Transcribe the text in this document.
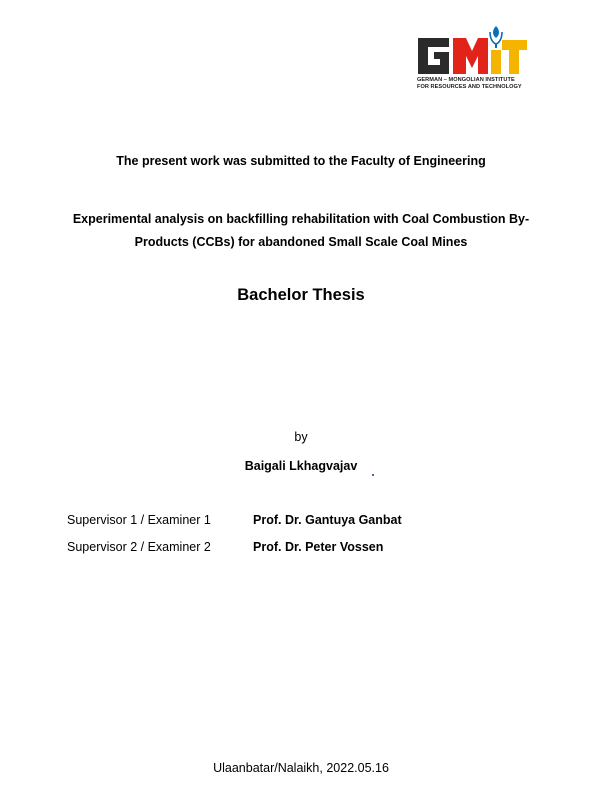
GERMAN – MONGOLIAN INSTITUTE
FOR RESOURCES AND TECHNOLOGY
The present work was submitted to the Faculty of Engineering
Experimental analysis on backfilling rehabilitation with Coal Combustion By-Products (CCBs) for abandoned Small Scale Coal Mines
Bachelor Thesis
by
Baigali Lkhagvajav
Supervisor 1 / Examiner 1	Prof. Dr. Gantuya Ganbat
Supervisor 2 / Examiner 2	Prof. Dr. Peter Vossen
Ulaanbatar/Nalaikh, 2022.05.16
